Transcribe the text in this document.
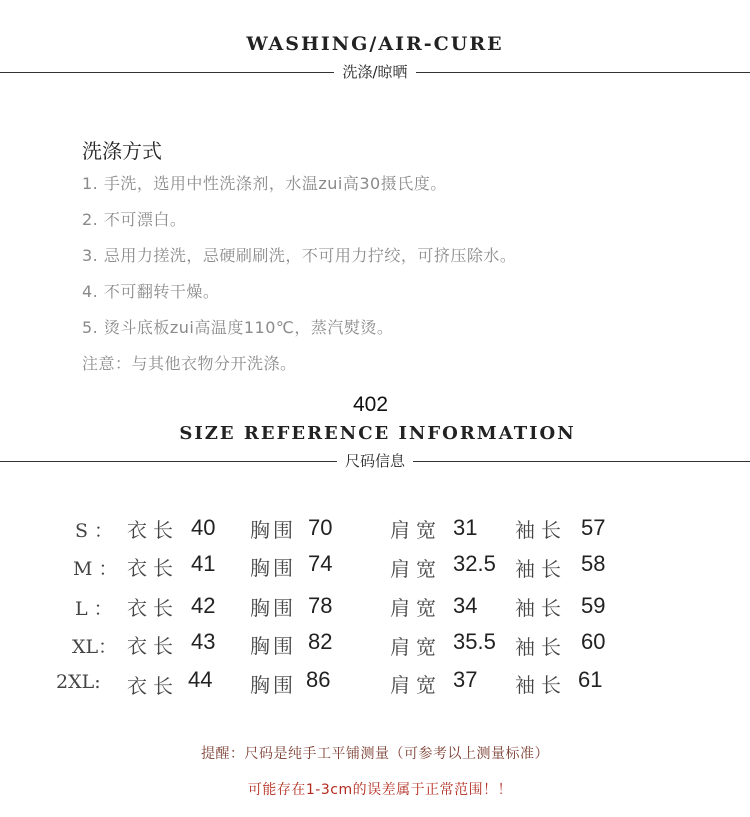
WASHING/AIR-CURE
洗涤/晾晒
洗涤方式
1. 手洗，选用中性洗涤剂，水温zui高30摄氏度。
2. 不可漂白。
3. 忌用力搓洗，忌硬刷刷洗，不可用力拧绞，可挤压除水。
4. 不可翻转干燥。
5. 烫斗底板zui高温度110℃，蒸汽熨烫。
注意：与其他衣物分开洗涤。
402
SIZE REFERENCE INFORMATION
尺码信息
S ： 衣长 40 胸围 70	肩宽 31 袖长 57
M ： 衣长 41 胸围 74	肩宽 32.5 袖长 58
L ： 衣长 42 胸围 78	肩宽 34 袖长 59
XL： 衣长 43 胸围 82	肩宽 35.5 袖长 60
2XL: 衣长 44 胸围 86	肩宽 37 袖长 61
提醒：尺码是纯手工平铺测量（可参考以上测量标准）
可能存在1-3cm的误差属于正常范围！！
